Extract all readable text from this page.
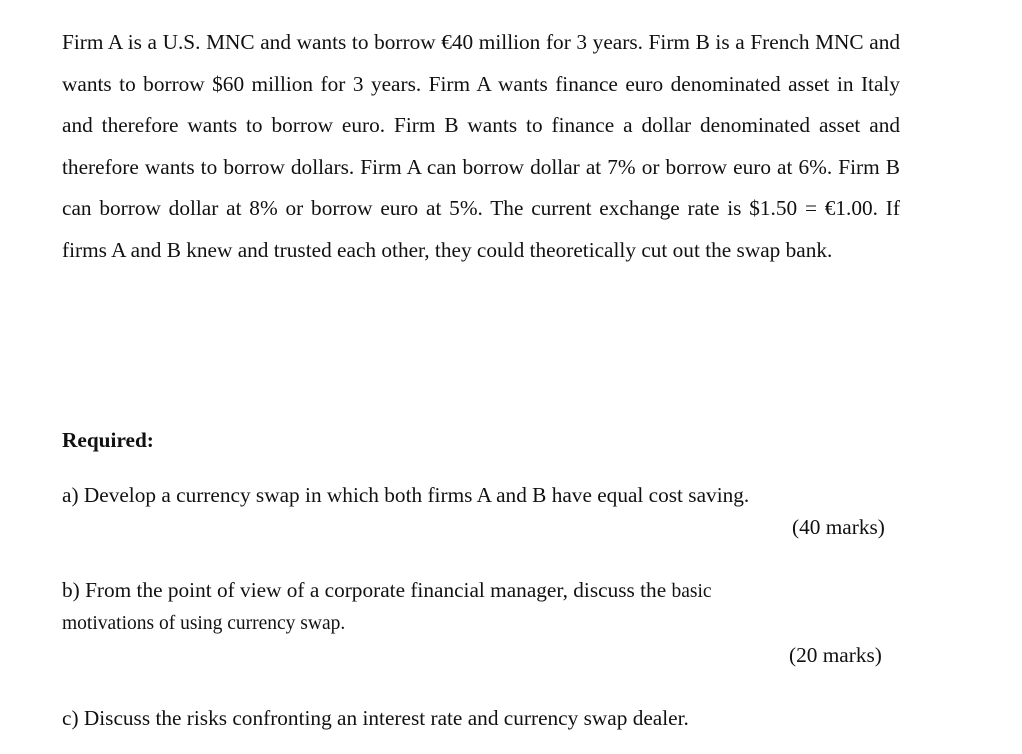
Firm A is a U.S. MNC and wants to borrow €40 million for 3 years. Firm B is a French MNC and wants to borrow $60 million for 3 years. Firm A wants finance euro denominated asset in Italy and therefore wants to borrow euro. Firm B wants to finance a dollar denominated asset and therefore wants to borrow dollars. Firm A can borrow dollar at 7% or borrow euro at 6%. Firm B can borrow dollar at 8% or borrow euro at 5%. The current exchange rate is $1.50 = €1.00. If firms A and B knew and trusted each other, they could theoretically cut out the swap bank.

Required:

a) Develop a currency swap in which both firms A and B have equal cost saving.

(40 marks)

b) From the point of view of a corporate financial manager, discuss the basic

motivations of using currency swap.

(20 marks)

c) Discuss the risks confronting an interest rate and currency swap dealer.
